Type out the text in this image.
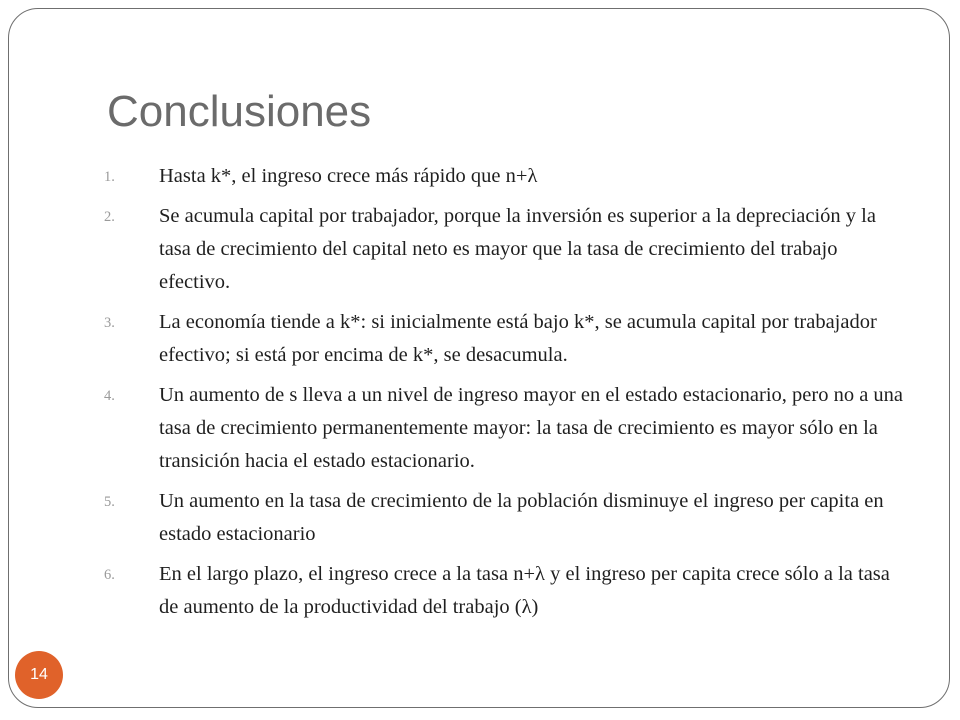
Conclusiones
1. Hasta k*, el ingreso crece más rápido que n+λ
2. Se acumula capital por trabajador, porque la inversión es superior a la depreciación y la tasa de crecimiento del capital neto es mayor que la tasa de crecimiento del trabajo efectivo.
3. La economía tiende a k*: si inicialmente está bajo k*, se acumula capital por trabajador efectivo; si está por encima de k*, se desacumula.
4. Un aumento de s lleva a un nivel de ingreso mayor en el estado estacionario, pero no a una tasa de crecimiento permanentemente mayor: la tasa de crecimiento es mayor sólo en la transición hacia el estado estacionario.
5. Un aumento en la tasa de crecimiento de la población disminuye el ingreso per capita en estado estacionario
6. En el largo plazo, el ingreso crece a la tasa n+λ y el ingreso per capita crece sólo a la tasa de aumento de la productividad del trabajo (λ)
14
